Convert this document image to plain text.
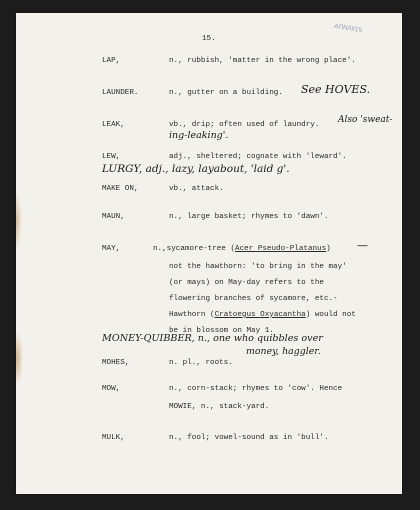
ΑΠΝ/ΙΙ/15
15.
LAP,	n., rubbish, 'matter in the wrong place'.
LAUNDER.	n., gutter on a building. See HOVES.
LEAK,	vb., drip; often used of laundry. Also 'sweat-
ing-leaking'.
LEW,	adj., sheltered; cognate with 'leward'.
LURGY, adj., lazy, layabout, 'laid g'.
MAKE ON,	vb., attack.
MAUN,	n., large basket; rhymes to 'dawn'.
MAY,	n.,sycamore-tree (Acer Pseudo-Platanus) —
not the hawthorn: 'to bring in the may'
(or mays) on May-day refers to the
flowering branches of sycamore, etc.-
Hawthorn (Cratoegus Oxyacantha) would not
be in blossom on May 1.
MONEY-QUIBBER, n., one who quibbles over
money, haggler.
MOHES,	n. pl., roots.
MOW,	n., corn-stack; rhymes to 'cow'. Hence
MOWIE, n., stack-yard.
MULK,	n., fool; vowel-sound as in 'bull'.
